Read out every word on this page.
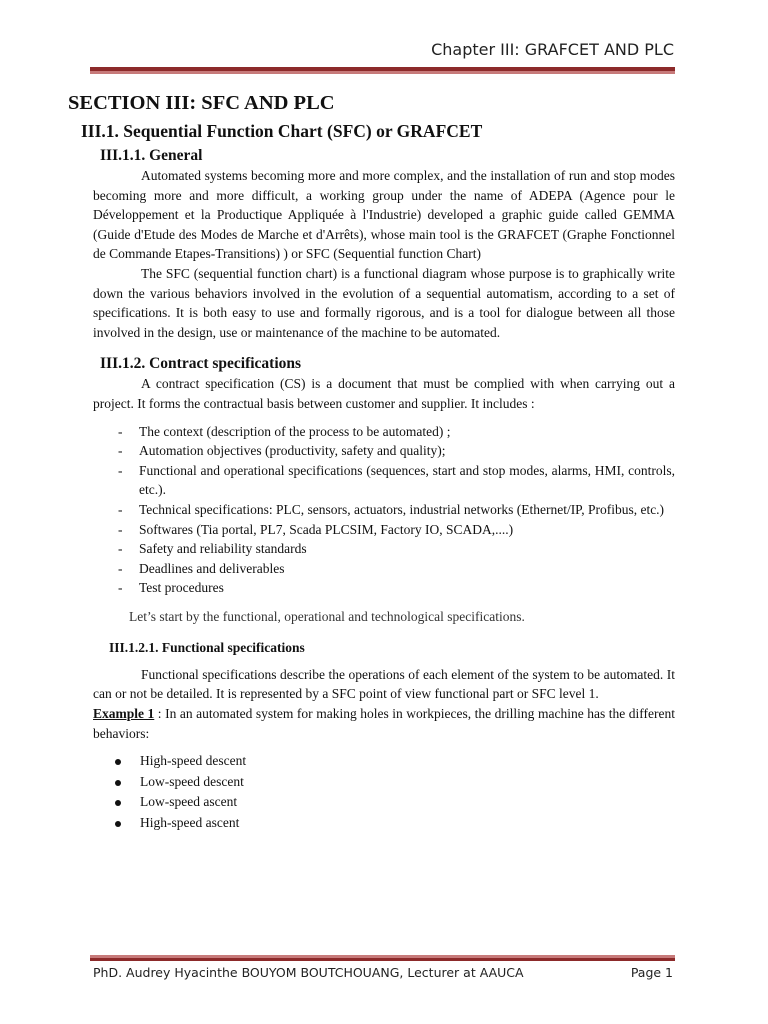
Chapter III: GRAFCET AND PLC
SECTION III: SFC AND PLC
III.1. Sequential Function Chart (SFC) or GRAFCET
III.1.1. General

Automated systems becoming more and more complex, and the installation of run and stop modes becoming more and more difficult, a working group under the name of ADEPA (Agence pour le Développement et la Productique Appliquée à l'Industrie) developed a graphic guide called GEMMA (Guide d'Etude des Modes de Marche et d'Arrêts), whose main tool is the GRAFCET (Graphe Fonctionnel de Commande Etapes-Transitions) ) or SFC (Sequential function Chart)

The SFC (sequential function chart) is a functional diagram whose purpose is to graphically write down the various behaviors involved in the evolution of a sequential automatism, according to a set of specifications. It is both easy to use and formally rigorous, and is a tool for dialogue between all those involved in the design, use or maintenance of the machine to be automated.

III.1.2. Contract specifications

A contract specification (CS) is a document that must be complied with when carrying out a project. It forms the contractual basis between customer and supplier. It includes :

- The context (description of the process to be automated) ;
- Automation objectives (productivity, safety and quality);
- Functional and operational specifications (sequences, start and stop modes, alarms, HMI, controls, etc.).
- Technical specifications: PLC, sensors, actuators, industrial networks (Ethernet/IP, Profibus, etc.)
- Softwares (Tia portal, PL7, Scada PLCSIM, Factory IO, SCADA,....)
- Safety and reliability standards
- Deadlines and deliverables
- Test procedures
Let’s start by the functional, operational and technological specifications.
III.1.2.1. Functional specifications

Functional specifications describe the operations of each element of the system to be automated. It can or not be detailed. It is represented by a SFC point of view functional part or SFC level 1.

Example 1 : In an automated system for making holes in workpieces, the drilling machine has the different behaviors:

High-speed descent
Low-speed descent
Low-speed ascent
High-speed ascent
PhD. Audrey Hyacinthe BOUYOM BOUTCHOUANG, Lecturer at AAUCA	Page 1
